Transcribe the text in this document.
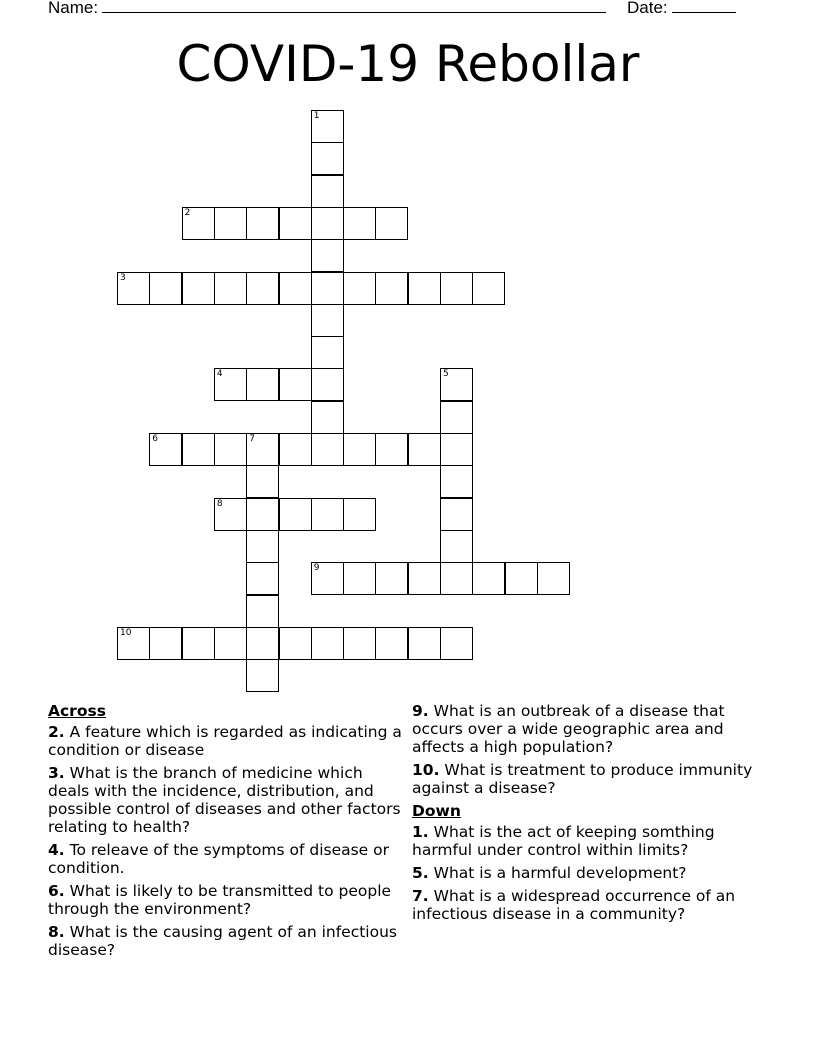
Name:	Date:
COVID-19 Rebollar
1
2
3
4	5
6	7
8
9
10
Across
2. A feature which is regarded as indicating a condition or disease
3. What is the branch of medicine which deals with the incidence, distribution, and possible control of diseases and other factors relating to health?
4. To releave of the symptoms of disease or condition.
6. What is likely to be transmitted to people through the environment?
8. What is the causing agent of an infectious disease?
9. What is an outbreak of a disease that occurs over a wide geographic area and affects a high population?
10. What is treatment to produce immunity against a disease?
Down
1. What is the act of keeping somthing harmful under control within limits?
5. What is a harmful development?
7. What is a widespread occurrence of an infectious disease in a community?
